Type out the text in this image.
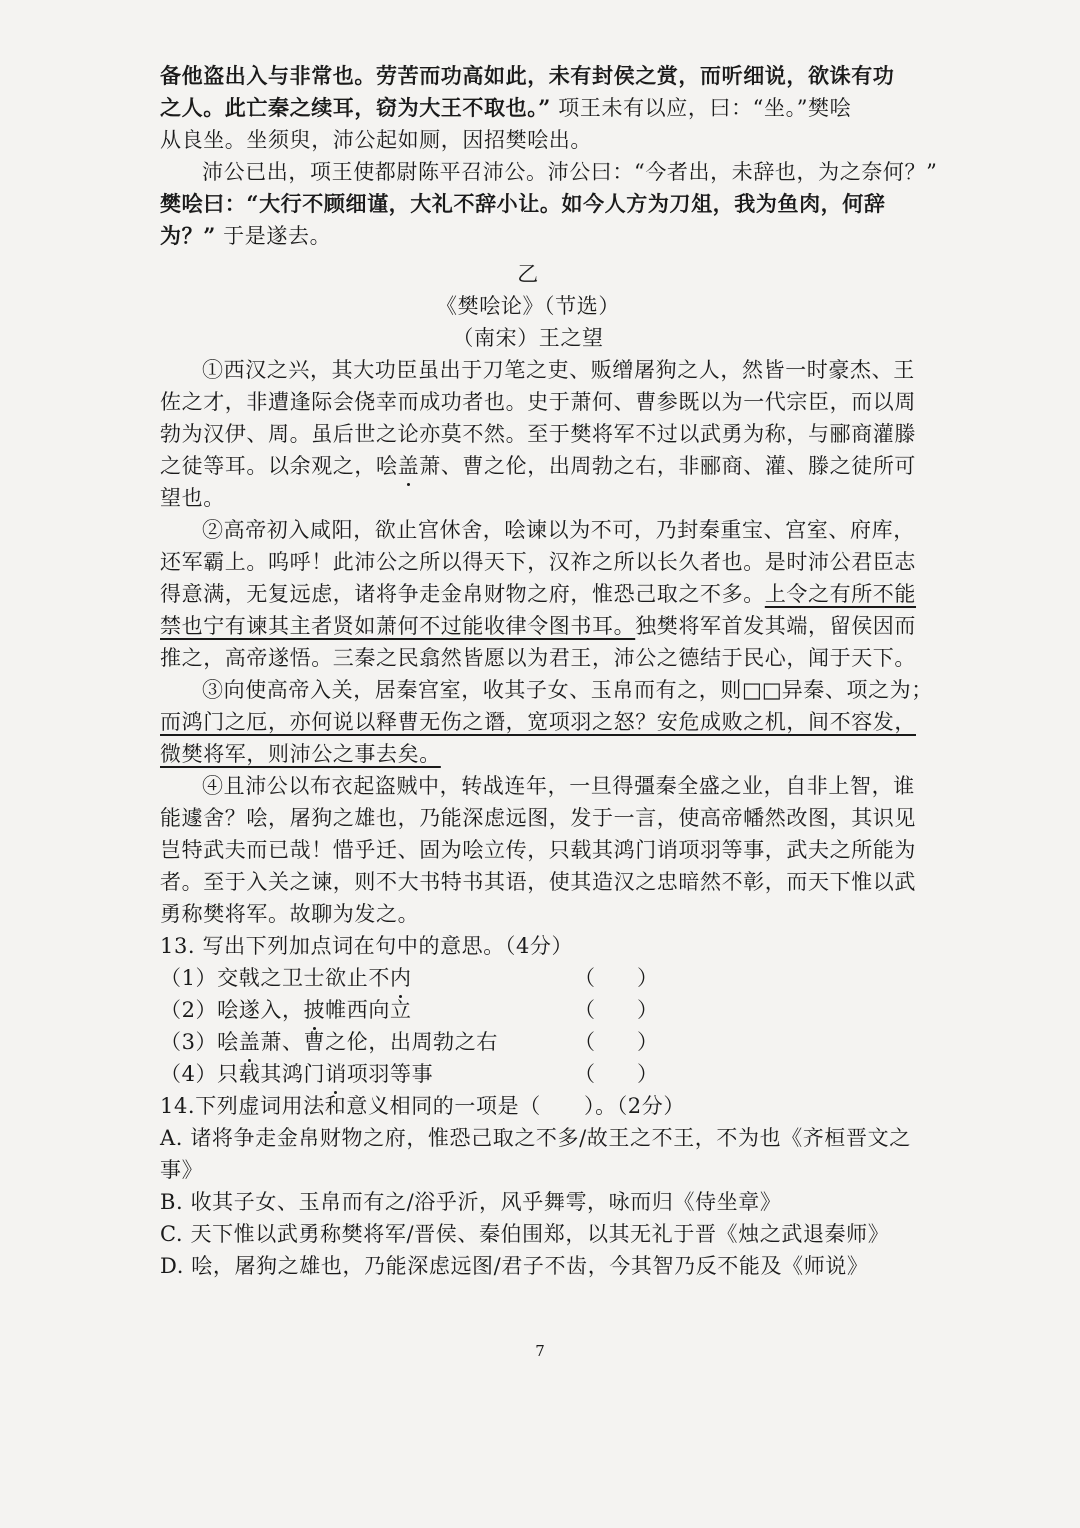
备他盗出入与非常也。劳苦而功高如此，未有封侯之赏，而听细说，欲诛有功
之人。此亡秦之续耳，窃为大王不取也。” 项王未有以应，曰：“坐。”樊哙
从良坐。坐须臾，沛公起如厕，因招樊哙出。
沛公已出，项王使都尉陈平召沛公。沛公曰：“今者出，未辞也，为之奈何？”
樊哙曰：“大行不顾细谨，大礼不辞小让。如今人方为刀俎，我为鱼肉，何辞
为？” 于是遂去。
乙
《樊哙论》（节选）
（南宋）王之望
①西汉之兴，其大功臣虽出于刀笔之吏、贩缯屠狗之人，然皆一时豪杰、王
佐之才，非遭逢际会侥幸而成功者也。史于萧何、曹参既以为一代宗臣，而以周
勃为汉伊、周。虽后世之论亦莫不然。至于樊将军不过以武勇为称，与郦商灌滕
之徒等耳。以余观之，哙盖萧、曹之伦，出周勃之右，非郦商、灌、滕之徒所可
望也。
②高帝初入咸阳，欲止宫休舍，哙谏以为不可，乃封秦重宝、宫室、府库，
还军霸上。呜呼！此沛公之所以得天下，汉祚之所以长久者也。是时沛公君臣志
得意满，无复远虑，诸将争走金帛财物之府，惟恐己取之不多。上令之有所不能
禁也宁有谏其主者贤如萧何不过能收律令图书耳。独樊将军首发其端，留侯因而
推之，高帝遂悟。三秦之民翕然皆愿以为君王，沛公之德结于民心，闻于天下。
③向使高帝入关，居秦宫室，收其子女、玉帛而有之，则□□异秦、项之为；
而鸿门之厄，亦何说以释曹无伤之谮，宽项羽之怒？安危成败之机，间不容发，
微樊将军，则沛公之事去矣。
④且沛公以布衣起盗贼中，转战连年，一旦得彊秦全盛之业，自非上智，谁
能遽舍？哙，屠狗之雄也，乃能深虑远图，发于一言，使高帝幡然改图，其识见
岂特武夫而已哉！惜乎迁、固为哙立传，只载其鸿门诮项羽等事，武夫之所能为
者。至于入关之谏，则不大书特书其语，使其造汉之忠暗然不彰，而天下惟以武
勇称樊将军。故聊为发之。
13. 写出下列加点词在句中的意思。（4分）
（1）交戟之卫士欲止不内	（　　）
（2）哙遂入，披帷西向立	（　　）
（3）哙盖萧、曹之伦，出周勃之右	（　　）
（4）只载其鸿门诮项羽等事	（　　）
14.下列虚词用法和意义相同的一项是（　　）。（2分）
A. 诸将争走金帛财物之府，惟恐己取之不多/故王之不王，不为也《齐桓晋文之
事》
B. 收其子女、玉帛而有之/浴乎沂，风乎舞雩，咏而归《侍坐章》
C. 天下惟以武勇称樊将军/晋侯、秦伯围郑，以其无礼于晋《烛之武退秦师》
D. 哙，屠狗之雄也，乃能深虑远图/君子不齿，今其智乃反不能及《师说》
7
